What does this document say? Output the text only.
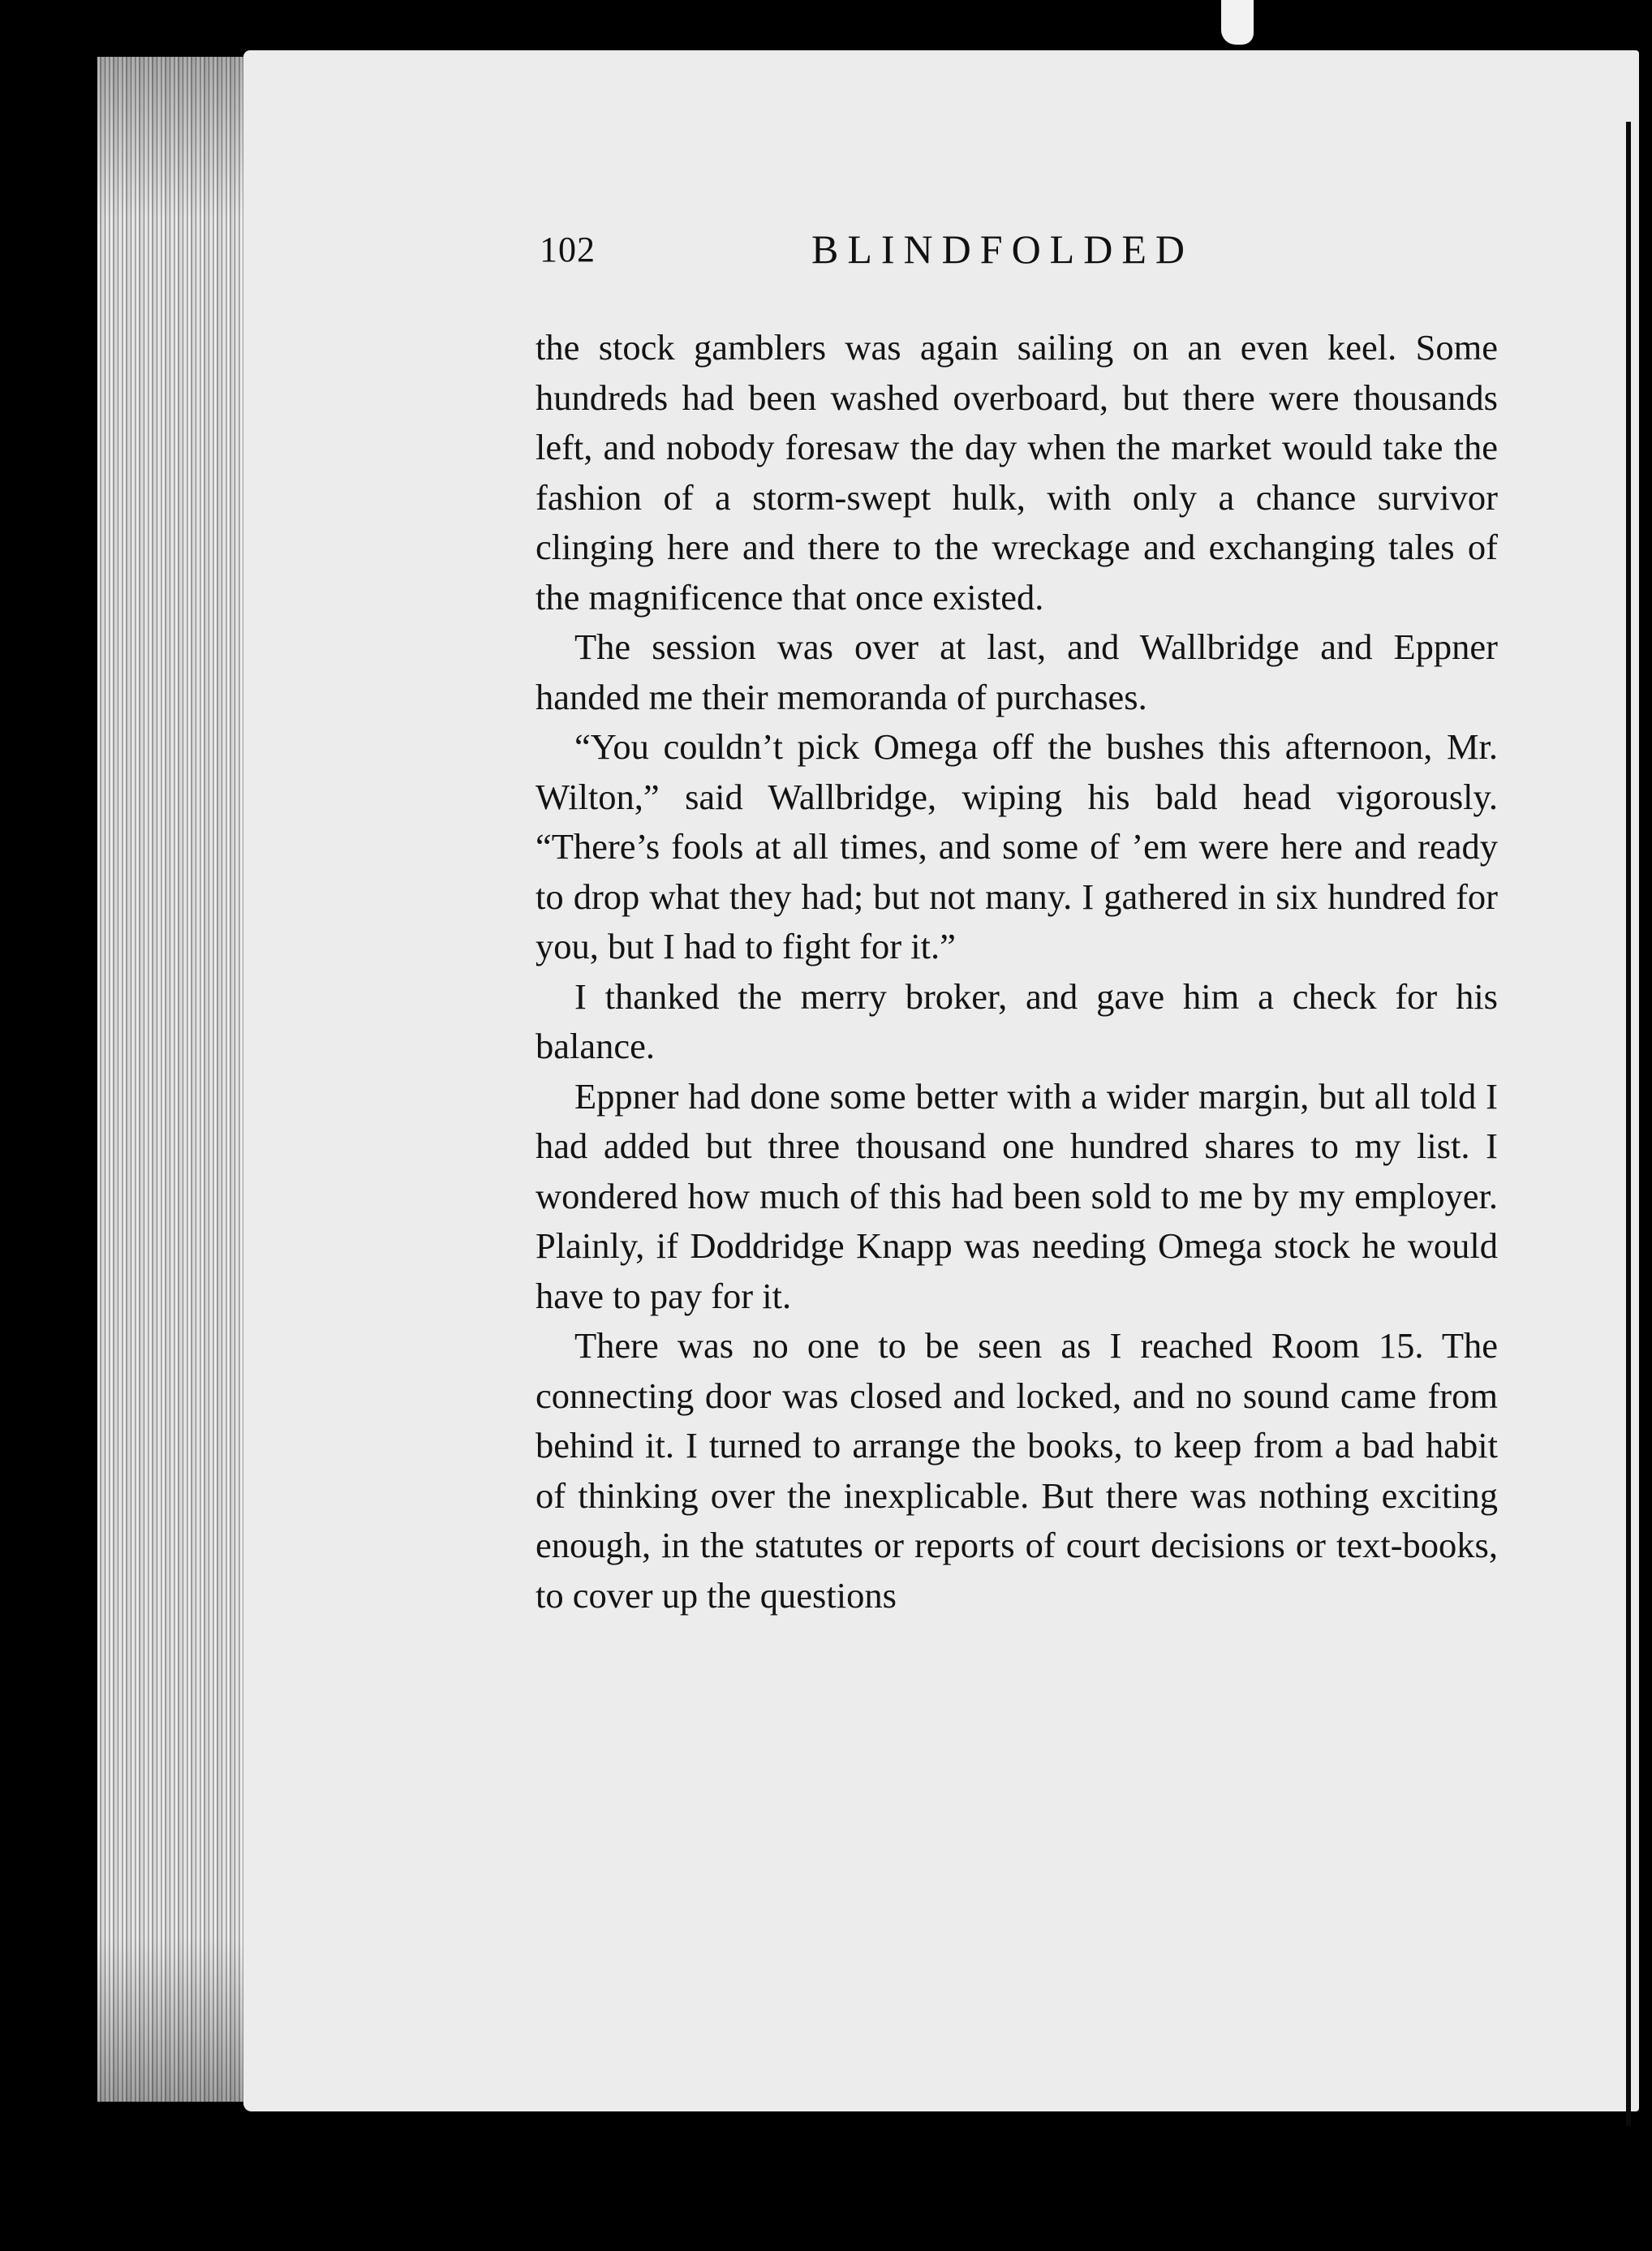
102	BLINDFOLDED

the stock gamblers was again sailing on an even keel. Some hundreds had been washed overboard, but there were thousands left, and nobody foresaw the day when the market would take the fashion of a storm-swept hulk, with only a chance survivor clinging here and there to the wreckage and exchanging tales of the magnificence that once existed.

The session was over at last, and Wallbridge and Eppner handed me their memoranda of purchases.

“You couldn’t pick Omega off the bushes this afternoon, Mr. Wilton,” said Wallbridge, wiping his bald head vigorously. “There’s fools at all times, and some of ’em were here and ready to drop what they had; but not many. I gathered in six hundred for you, but I had to fight for it.”

I thanked the merry broker, and gave him a check for his balance.

Eppner had done some better with a wider margin, but all told I had added but three thousand one hundred shares to my list. I wondered how much of this had been sold to me by my employer. Plainly, if Doddridge Knapp was needing Omega stock he would have to pay for it.

There was no one to be seen as I reached Room 15. The connecting door was closed and locked, and no sound came from behind it. I turned to arrange the books, to keep from a bad habit of thinking over the inexplicable. But there was nothing exciting enough, in the statutes or reports of court decisions or text-books, to cover up the questions
